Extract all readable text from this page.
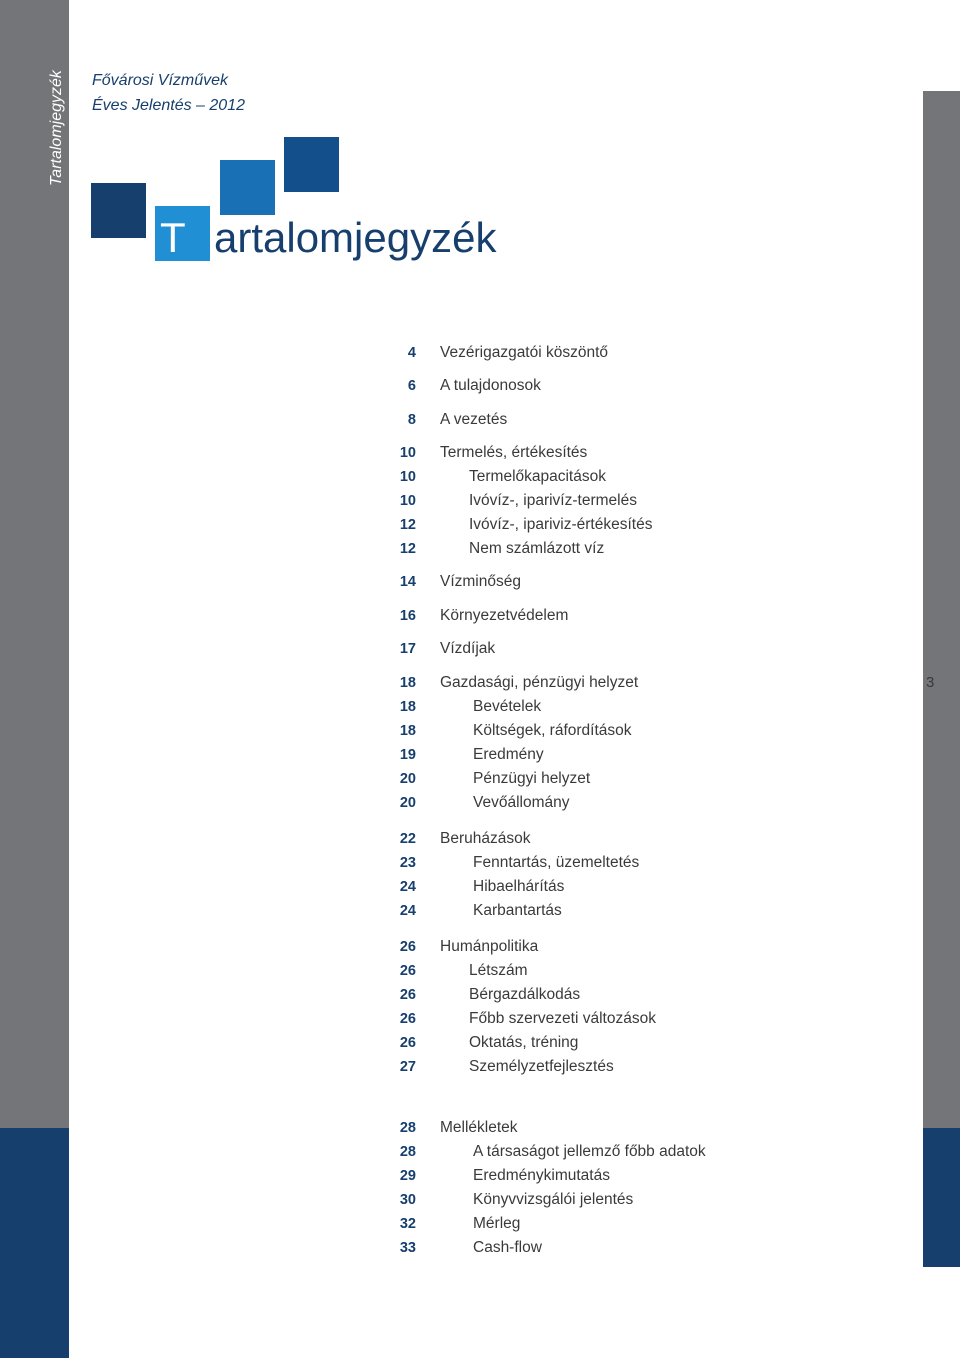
Tartalomjegyzék
3
Fővárosi Vízművek
Éves Jelentés – 2012
T artalomjegyzék
4 Vezérigazgatói köszöntő
6 A tulajdonosok
8 A vezetés
10 Termelés, értékesítés
10	Termelőkapacitások
10	Ivóvíz-, iparivíz-termelés
12	Ivóvíz-, ipariviz-értékesítés
12	Nem számlázott víz
14 Vízminőség
16 Környezetvédelem
17 Vízdíjak
18 Gazdasági, pénzügyi helyzet
18	Bevételek
18	Költségek, ráfordítások
19	Eredmény
20	Pénzügyi helyzet
20	Vevőállomány
22 Beruházások
23	Fenntartás, üzemeltetés
24	Hibaelhárítás
24	Karbantartás
26 Humánpolitika
26	Létszám
26	Bérgazdálkodás
26	Főbb szervezeti változások
26	Oktatás, tréning
27	Személyzetfejlesztés
28 Mellékletek
28	A társaságot jellemző főbb adatok
29	Eredménykimutatás
30	Könyvvizsgálói jelentés
32	Mérleg
33	Cash-flow
